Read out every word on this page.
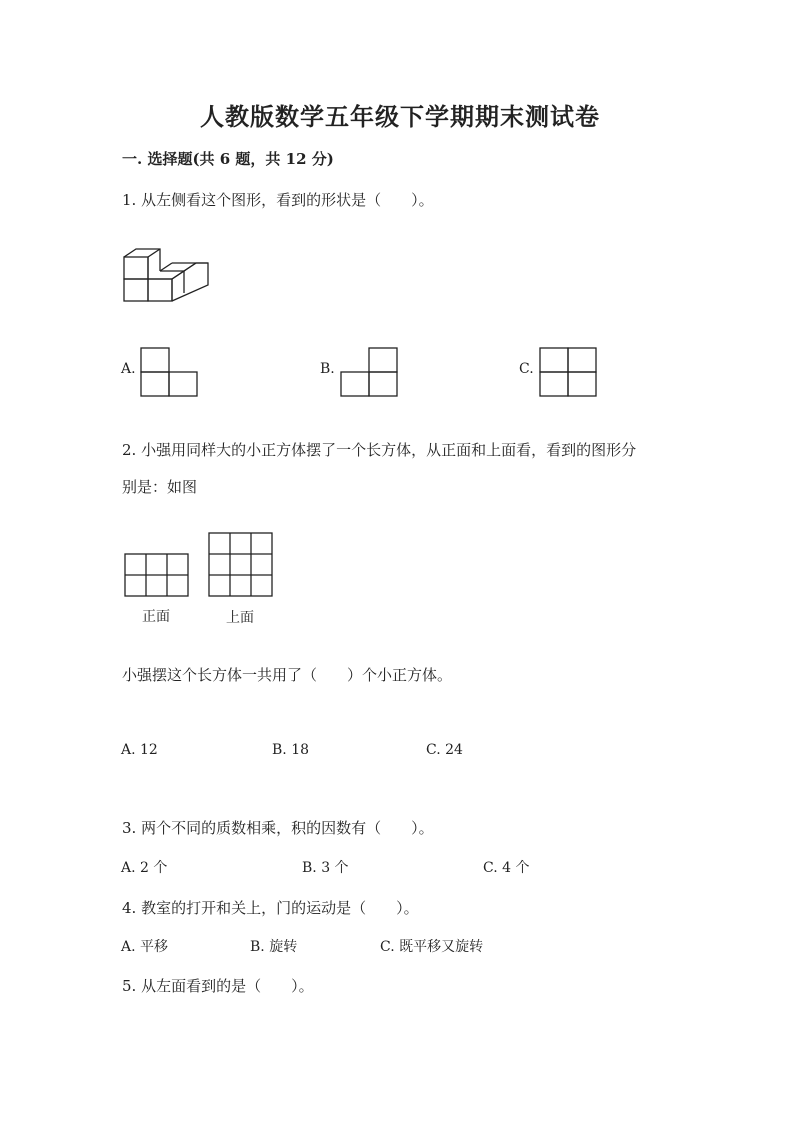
人教版数学五年级下学期期末测试卷
一. 选择题(共 6 题，共 12 分)
1. 从左侧看这个图形，看到的形状是（　　）。
A.	B.	C.
2. 小强用同样大的小正方体摆了一个长方体，从正面和上面看，看到的图形分
别是：如图
正面	上面
小强摆这个长方体一共用了（　　）个小正方体。
A. 12	B. 18	C. 24
3. 两个不同的质数相乘，积的因数有（　　）。
A. 2 个	B. 3 个	C. 4 个
4. 教室的打开和关上，门的运动是（　　）。
A. 平移	B. 旋转	C. 既平移又旋转
5. 从左面看到的是（　　）。
